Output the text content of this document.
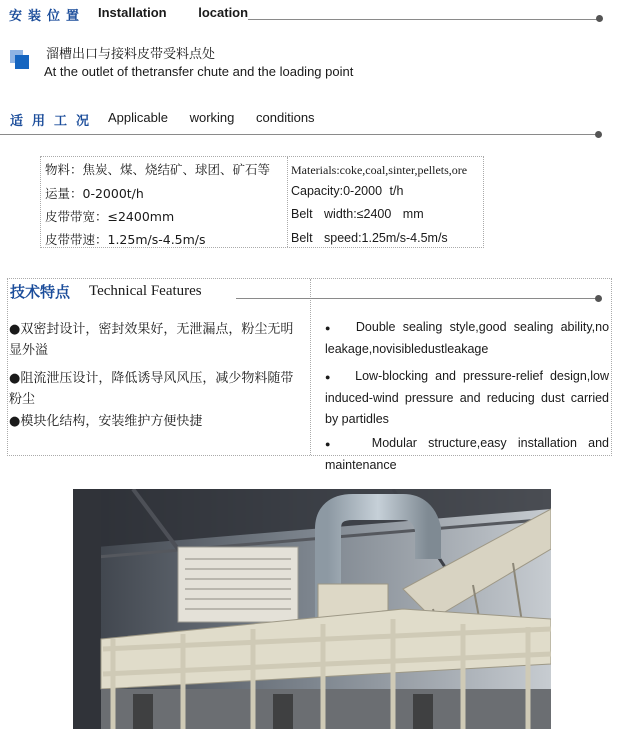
安装位置 Installation location
溜槽出口与接料皮带受料点处
At the outlet of thetransfer chute and the loading point
适用工况 Applicable working conditions
物料：焦炭、煤、烧结矿、球团、矿石等
运量：0-2000t/h
皮带带宽：≤2400mm
皮带带速：1.25m/s-4.5m/s
Materials:coke,coal,sinter,pellets,ore
Capacity:0-2000 t/h
Belt width:≤2400 mm
Belt speed:1.25m/s-4.5m/s
技术特点 Technical Features
●双密封设计，密封效果好，无泄漏点，粉尘无明显外溢
●阻流泄压设计，降低诱导风风压，减少物料随带粉尘
●模块化结构，安装维护方便快捷
● Double sealing style,good sealing ability,no leakage,novisibledustleakage
● Low-blocking and pressure-relief design,low induced-wind pressure and reducing dust carried by partidles
●	Modular structure,easy installation and maintenance
